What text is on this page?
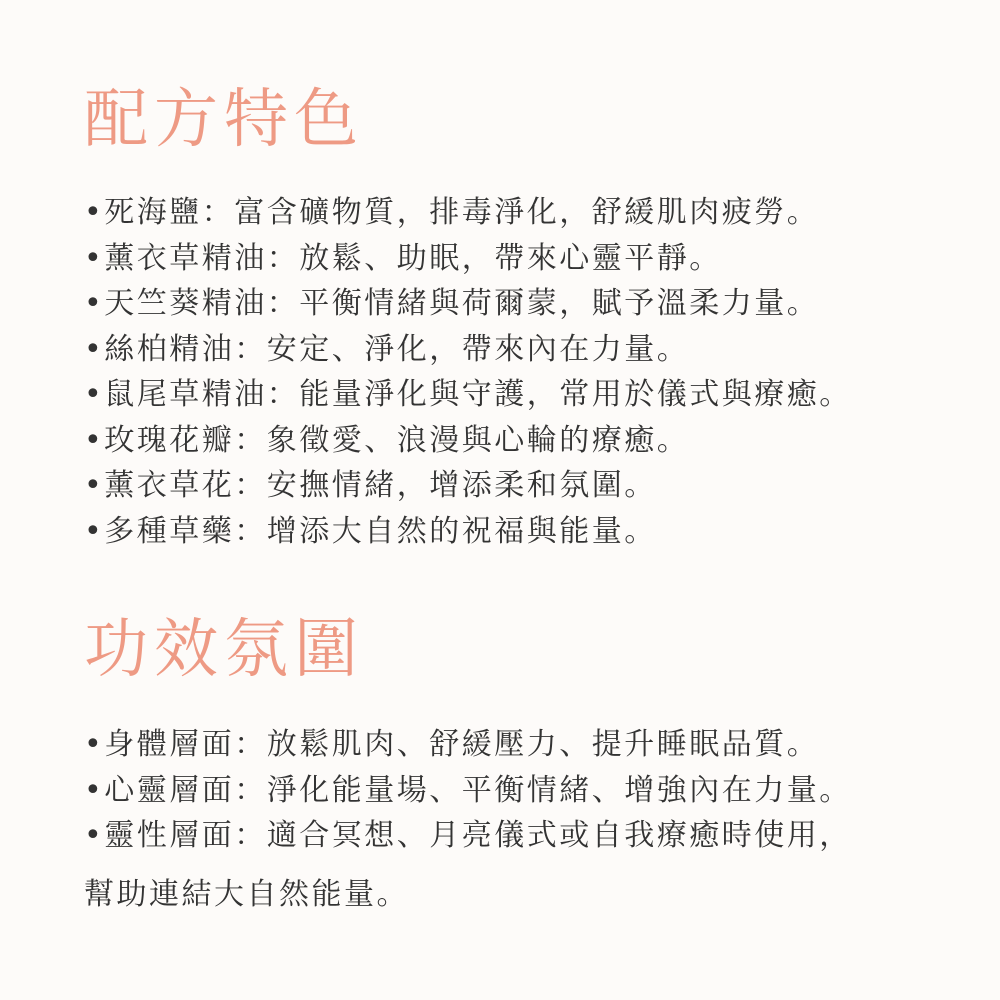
配方特色
•死海鹽：富含礦物質，排毒淨化，舒緩肌肉疲勞。
•薰衣草精油：放鬆、助眠，帶來心靈平靜。
•天竺葵精油：平衡情緒與荷爾蒙，賦予溫柔力量。
•絲柏精油：安定、淨化，帶來內在力量。
•鼠尾草精油：能量淨化與守護，常用於儀式與療癒。
•玫瑰花瓣：象徵愛、浪漫與心輪的療癒。
•薰衣草花：安撫情緒，增添柔和氛圍。
•多種草藥：增添大自然的祝福與能量。
功效氛圍
•身體層面：放鬆肌肉、舒緩壓力、提升睡眠品質。
•心靈層面：淨化能量場、平衡情緒、增強內在力量。
•靈性層面：適合冥想、月亮儀式或自我療癒時使用，

幫助連結大自然能量。
